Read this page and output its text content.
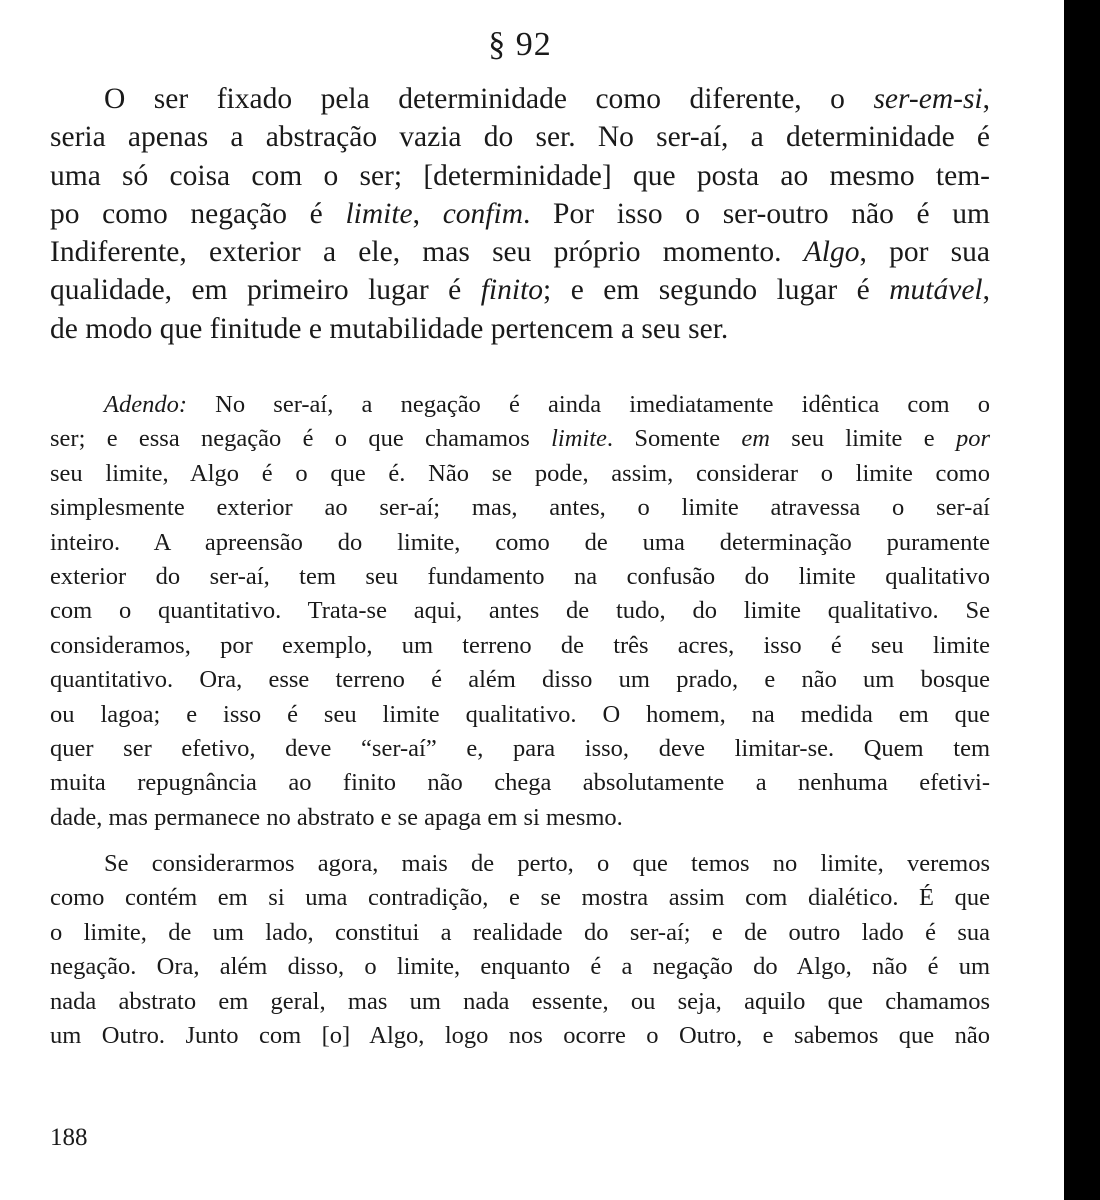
§ 92
O ser fixado pela determinidade como diferente, o ser-em-si,
seria apenas a abstração vazia do ser. No ser-aí, a determinidade é
uma só coisa com o ser; [determinidade] que posta ao mesmo tem-
po como negação é limite, confim. Por isso o ser-outro não é um
Indiferente, exterior a ele, mas seu próprio momento. Algo, por sua
qualidade, em primeiro lugar é finito; e em segundo lugar é mutável,
de modo que finitude e mutabilidade pertencem a seu ser.
Adendo: No ser-aí, a negação é ainda imediatamente idêntica com o
ser; e essa negação é o que chamamos limite. Somente em seu limite e por
seu limite, Algo é o que é. Não se pode, assim, considerar o limite como
simplesmente exterior ao ser-aí; mas, antes, o limite atravessa o ser-aí
inteiro. A apreensão do limite, como de uma determinação puramente
exterior do ser-aí, tem seu fundamento na confusão do limite qualitativo
com o quantitativo. Trata-se aqui, antes de tudo, do limite qualitativo. Se
consideramos, por exemplo, um terreno de três acres, isso é seu limite
quantitativo. Ora, esse terreno é além disso um prado, e não um bosque
ou lagoa; e isso é seu limite qualitativo. O homem, na medida em que
quer ser efetivo, deve “ser-aí” e, para isso, deve limitar-se. Quem tem
muita repugnância ao finito não chega absolutamente a nenhuma efetivi-
dade, mas permanece no abstrato e se apaga em si mesmo.
Se considerarmos agora, mais de perto, o que temos no limite, veremos
como contém em si uma contradição, e se mostra assim com dialético. É que
o limite, de um lado, constitui a realidade do ser-aí; e de outro lado é sua
negação. Ora, além disso, o limite, enquanto é a negação do Algo, não é um
nada abstrato em geral, mas um nada essente, ou seja, aquilo que chamamos
um Outro. Junto com [o] Algo, logo nos ocorre o Outro, e sabemos que não
188
